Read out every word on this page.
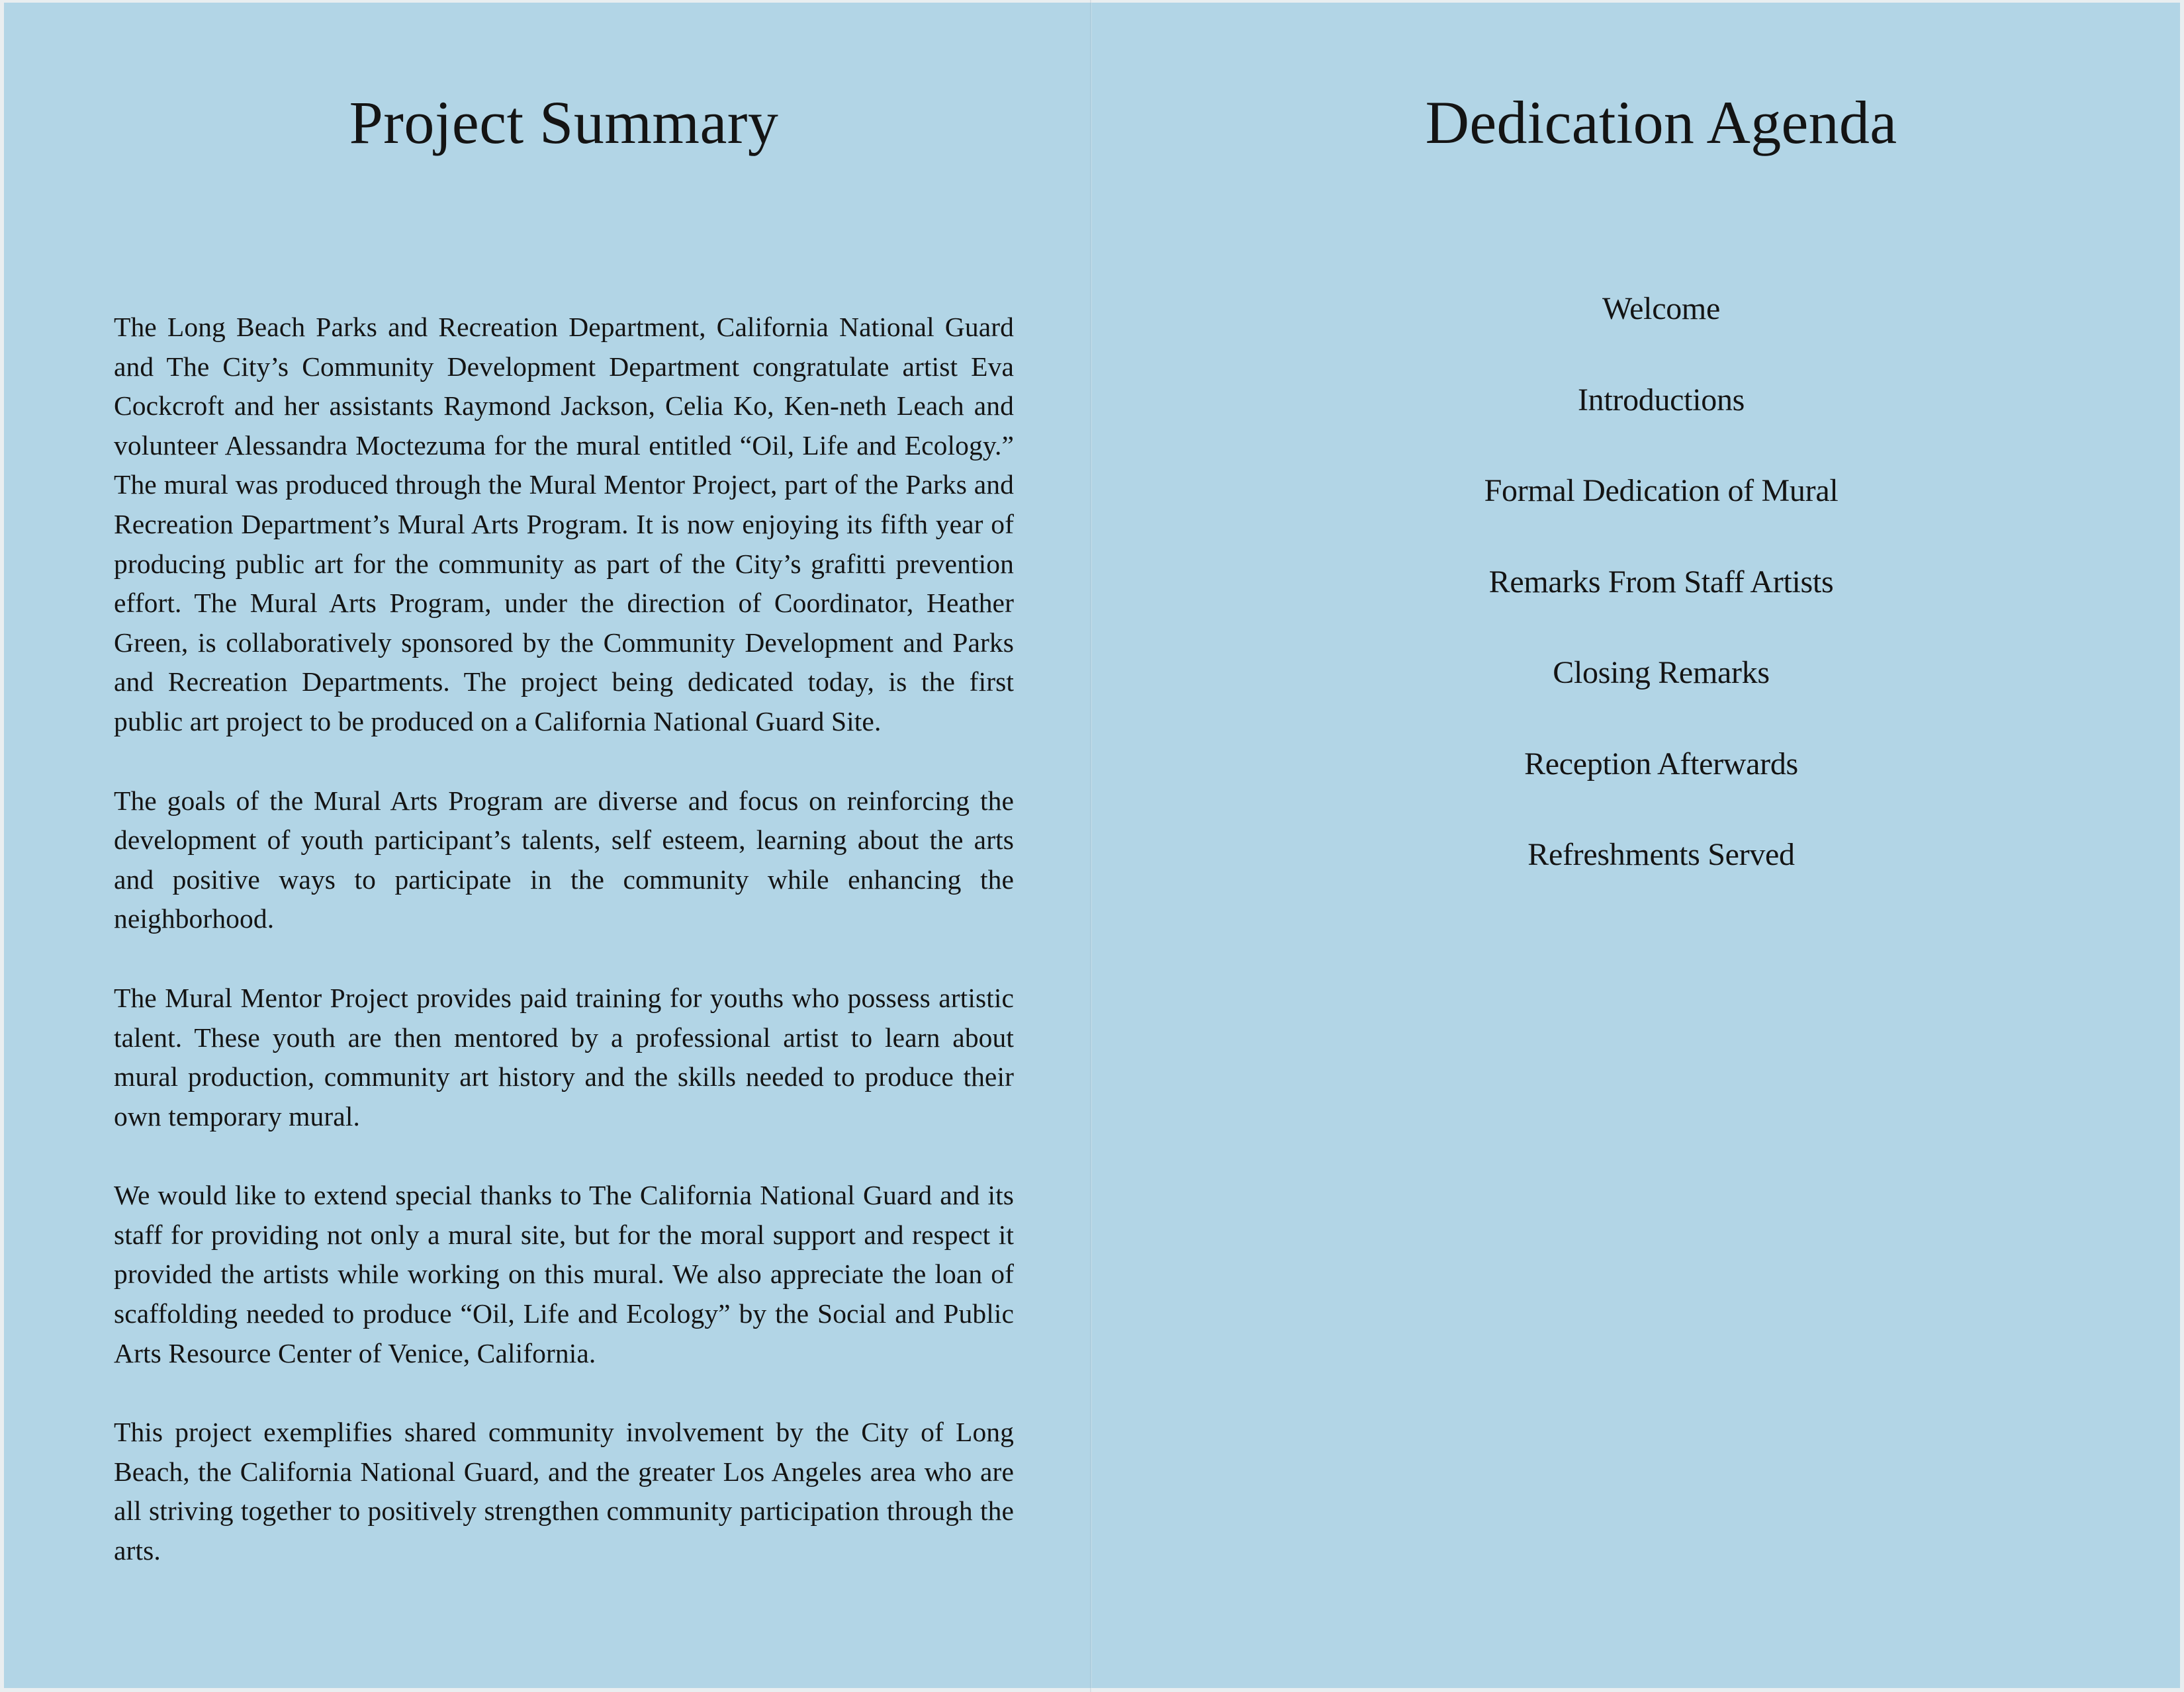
Project Summary

The Long Beach Parks and Recreation Department, California National Guard and The City’s Community Development Department congratulate artist Eva Cockcroft and her assistants Raymond Jackson, Celia Ko, Ken-neth Leach and volunteer Alessandra Moctezuma for the mural entitled “Oil, Life and Ecology.” The mural was produced through the Mural Mentor Project, part of the Parks and Recreation Department’s Mural Arts Program. It is now enjoying its fifth year of producing public art for the community as part of the City’s grafitti prevention effort. The Mural Arts Program, under the direction of Coordinator, Heather Green, is collaboratively sponsored by the Community Development and Parks and Recreation Departments. The project being dedicated today, is the first public art project to be produced on a California National Guard Site.

The goals of the Mural Arts Program are diverse and focus on reinforcing the development of youth participant’s talents, self esteem, learning about the arts and positive ways to participate in the community while enhancing the neighborhood.

The Mural Mentor Project provides paid training for youths who possess artistic talent. These youth are then mentored by a professional artist to learn about mural production, community art history and the skills needed to produce their own temporary mural.

We would like to extend special thanks to The California National Guard and its staff for providing not only a mural site, but for the moral support and respect it provided the artists while working on this mural. We also appreciate the loan of scaffolding needed to produce “Oil, Life and Ecology” by the Social and Public Arts Resource Center of Venice, California.

This project exemplifies shared community involvement by the City of Long Beach, the California National Guard, and the greater Los Angeles area who are all striving together to positively strengthen community participation through the arts.

Dedication Agenda
Welcome
Introductions
Formal Dedication of Mural
Remarks From Staff Artists
Closing Remarks
Reception Afterwards
Refreshments Served
